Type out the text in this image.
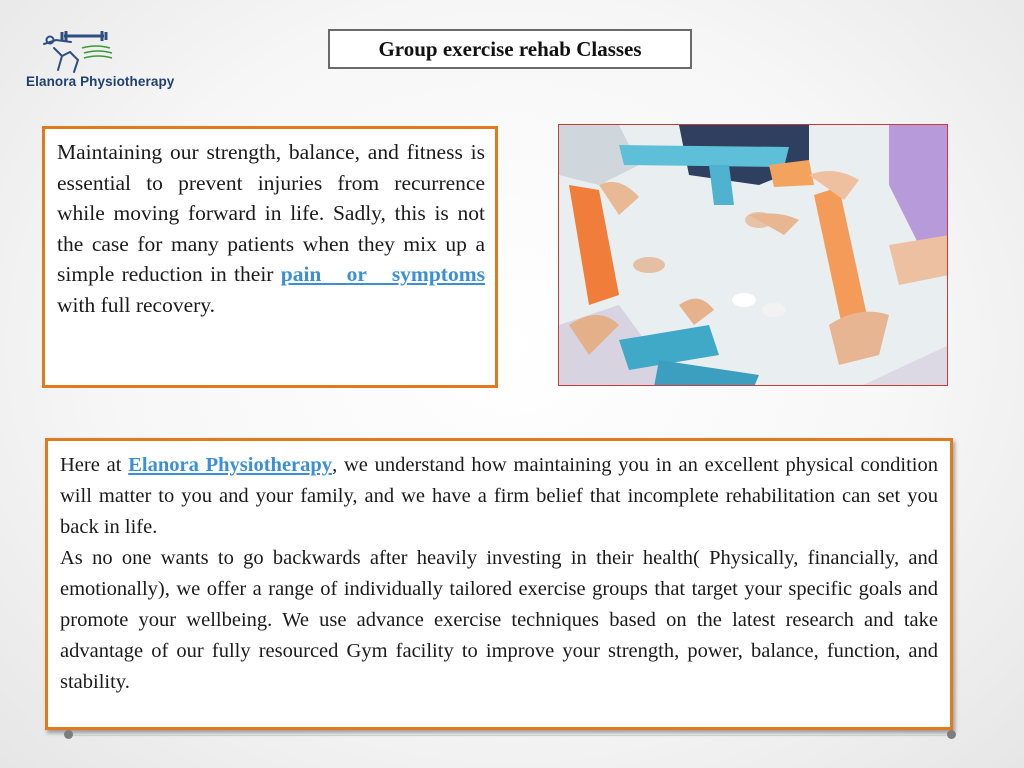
Elanora Physiotherapy
Group exercise rehab Classes
Maintaining our strength, balance, and fitness is essential to prevent injuries from recurrence while moving forward in life. Sadly, this is not the case for many patients when they mix up a simple reduction in their pain or symptoms with full recovery.

Here at Elanora Physiotherapy, we understand how maintaining you in an excellent physical condition will matter to you and your family, and we have a firm belief that incomplete rehabilitation can set you back in life.

As no one wants to go backwards after heavily investing in their health( Physically, financially, and emotionally), we offer a range of individually tailored exercise groups that target your specific goals and promote your wellbeing. We use advance exercise techniques based on the latest research and take advantage of our fully resourced Gym facility to improve your strength, power, balance, function, and stability.
